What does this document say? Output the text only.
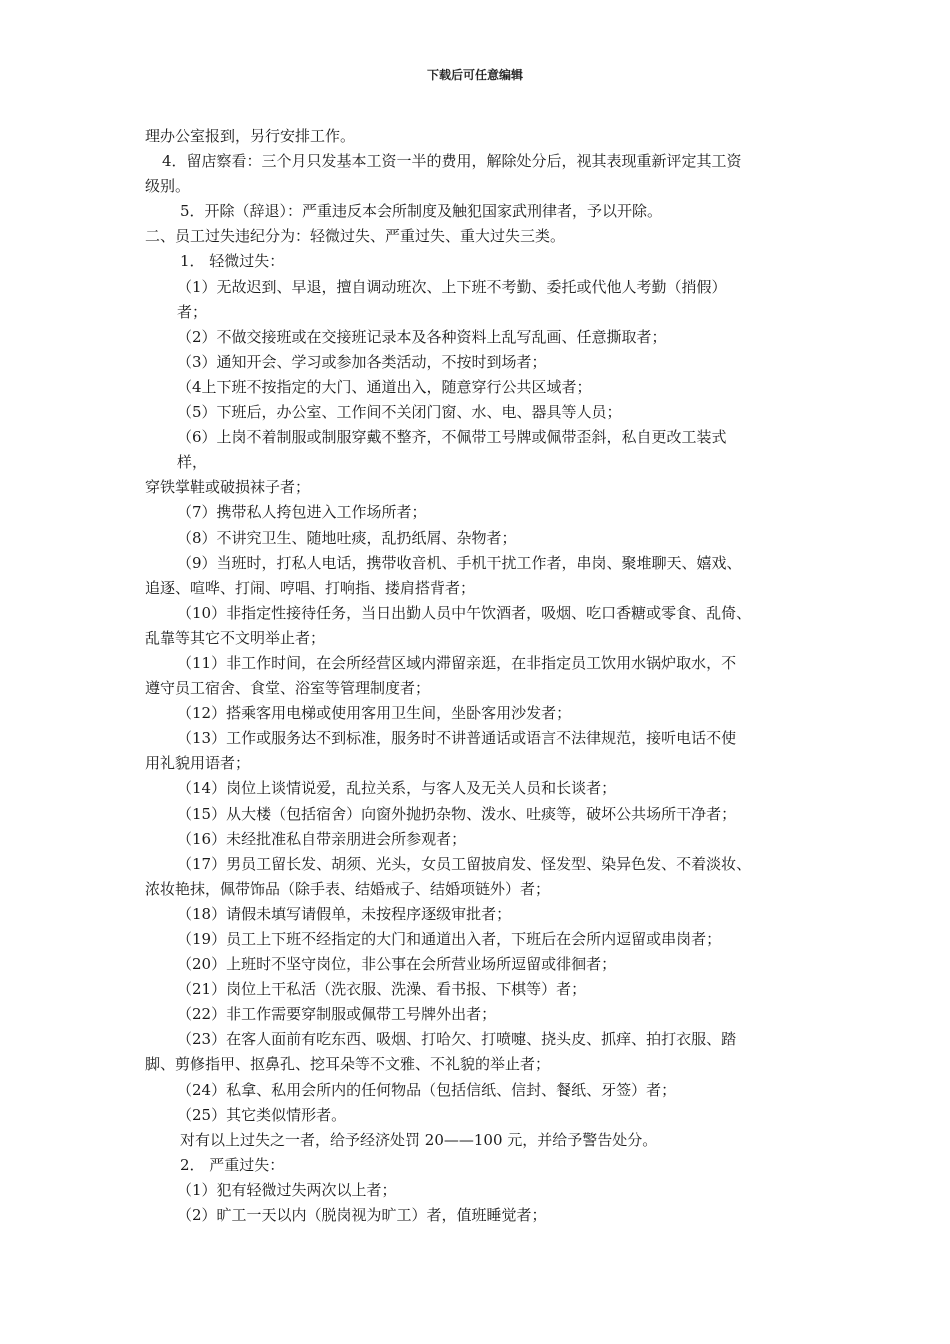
下载后可任意编辑

理办公室报到，另行安排工作。

4．留店察看：三个月只发基本工资一半的费用，解除处分后，视其表现重新评定其工资

级别。

5．开除（辞退）：严重违反本会所制度及触犯国家武刑律者，予以开除。

二、员工过失违纪分为：轻微过失、严重过失、重大过失三类。

1． 轻微过失：

（1）无故迟到、早退，擅自调动班次、上下班不考勤、委托或代他人考勤（捎假）

者；

（2）不做交接班或在交接班记录本及各种资料上乱写乱画、任意撕取者；

（3）通知开会、学习或参加各类活动，不按时到场者；

（4上下班不按指定的大门、通道出入，随意穿行公共区域者；

（5）下班后，办公室、工作间不关闭门窗、水、电、器具等人员；

（6）上岗不着制服或制服穿戴不整齐，不佩带工号牌或佩带歪斜，私自更改工装式

样，

穿铁掌鞋或破损袜子者；

（7）携带私人挎包进入工作场所者；

（8）不讲究卫生、随地吐痰，乱扔纸屑、杂物者；

（9）当班时，打私人电话，携带收音机、手机干扰工作者，串岗、聚堆聊天、嬉戏、

追逐、喧哗、打闹、哼唱、打响指、搂肩搭背者；

（10）非指定性接待任务，当日出勤人员中午饮酒者，吸烟、吃口香糖或零食、乱倚、

乱靠等其它不文明举止者；

（11）非工作时间，在会所经营区域内滞留亲逛，在非指定员工饮用水锅炉取水，不

遵守员工宿舍、食堂、浴室等管理制度者；

（12）搭乘客用电梯或使用客用卫生间，坐卧客用沙发者；

（13）工作或服务达不到标准，服务时不讲普通话或语言不法律规范，接听电话不使

用礼貌用语者；

（14）岗位上谈情说爱，乱拉关系，与客人及无关人员和长谈者；

（15）从大楼（包括宿舍）向窗外抛扔杂物、泼水、吐痰等，破坏公共场所干净者；

（16）未经批准私自带亲朋进会所参观者；

（17）男员工留长发、胡须、光头，女员工留披肩发、怪发型、染异色发、不着淡妆、

浓妆艳抹，佩带饰品（除手表、结婚戒子、结婚项链外）者；

（18）请假未填写请假单，未按程序逐级审批者；

（19）员工上下班不经指定的大门和通道出入者，下班后在会所内逗留或串岗者；

（20）上班时不坚守岗位，非公事在会所营业场所逗留或徘徊者；

（21）岗位上干私活（洗衣服、洗澡、看书报、下棋等）者；

（22）非工作需要穿制服或佩带工号牌外出者；

（23）在客人面前有吃东西、吸烟、打哈欠、打喷嚏、挠头皮、抓痒、拍打衣服、踏

脚、剪修指甲、抠鼻孔、挖耳朵等不文雅、不礼貌的举止者；

（24）私拿、私用会所内的任何物品（包括信纸、信封、餐纸、牙签）者；

（25）其它类似情形者。

对有以上过失之一者，给予经济处罚 20——100 元，并给予警告处分。

2． 严重过失：

（1）犯有轻微过失两次以上者；

（2）旷工一天以内（脱岗视为旷工）者，值班睡觉者；
